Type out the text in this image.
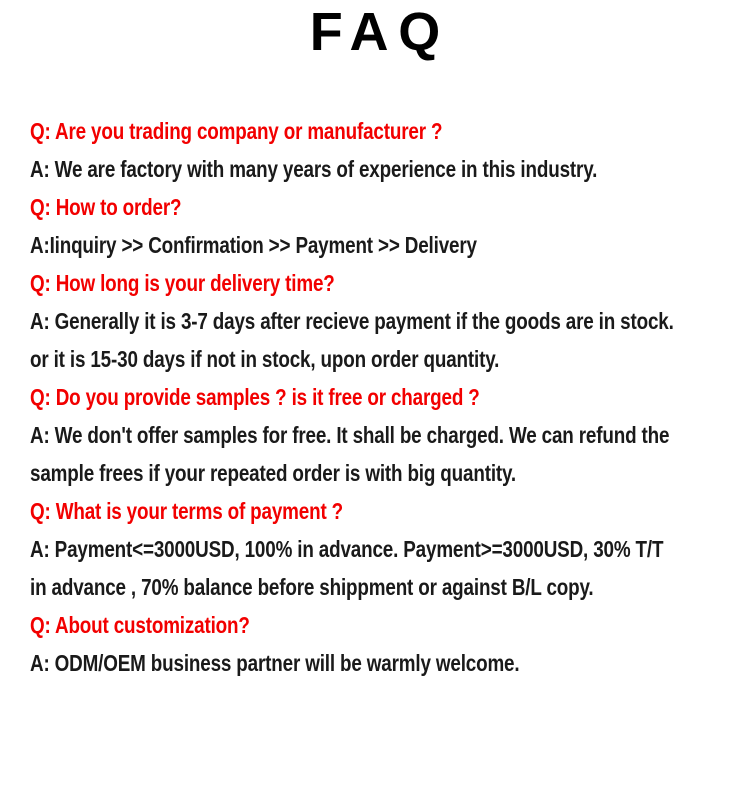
FAQ
Q: Are you trading company or manufacturer ?
A: We are factory with many years of experience in this industry.
Q: How to order?
A:Iinquiry >> Confirmation >> Payment >> Delivery
Q: How long is your delivery time?
A: Generally it is 3-7 days after recieve payment if the goods are in stock.
or it is 15-30 days if not in stock, upon order quantity.
Q: Do you provide samples ? is it free or charged ?
A: We don't offer samples for free. It shall be charged. We can refund the
sample frees if your repeated order is with big quantity.
Q: What is your terms of payment ?
A: Payment<=3000USD, 100% in advance. Payment>=3000USD, 30% T/T
in advance , 70% balance before shippment or against B/L copy.
Q: About customization?
A: ODM/OEM business partner will be warmly welcome.
